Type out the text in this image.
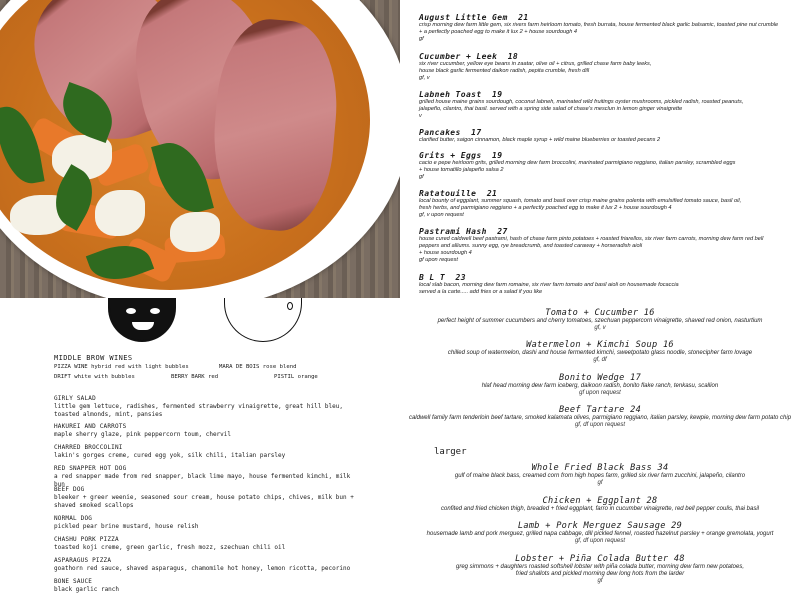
MIDDLE BROW WINES
PIZZA WINE hybrid red with light bubbles	MARA DE BOIS rose blend
DRIFT white with bubbles	BERRY BARK red	PISTIL orange
GIRLY SALAD
little gem lettuce, radishes, fermented strawberry vinaigrette, great hill bleu, toasted almonds, mint, pansies
HAKUREI AND CARROTS
maple sherry glaze, pink peppercorn toum, chervil
CHARRED BROCCOLINI
lakin's gorges creme, cured egg yok, silk chili, italian parsley
RED SNAPPER HOT DOG
a red snapper made from red snapper, black lime mayo, house fermented kimchi, milk bun
BEEF DOG
bleeker + greer weenie, seasoned sour cream, house potato chips, chives, milk bun + shaved smoked scallops
NORMAL DOG
pickled pear brine mustard, house relish
CHASHU PORK PIZZA
toasted koji creme, green garlic, fresh mozz, szechuan chili oil
ASPARAGUS PIZZA
goathorn red sauce, shaved asparagus, chamomile hot honey, lemon ricotta, pecorino
BONE SAUCE
black garlic ranch
August Little Gem 21
crisp morning dew farm little gem, six rivers farm heirloom tomato, fresh burrata, house fermented black garlic balsamic, toasted pine nut crumble
+ a perfectly poached egg to make it lux 2 + house sourdough 4
gf
Cucumber + Leek 18
six river cucumber, yellow eye beans in zaatar, olive oil + citrus, grilled chase farm baby leeks,
house black garlic fermented daikon radish, pepita crumble, fresh dill
gf, v
Labneh Toast 19
grilled house maine grains sourdough, coconut labneh, marinated wild fruitings oyster mushrooms, pickled radish, roasted peanuts,
jalapeño, cilantro, thai basil. served with a spring side salad of chase's mesclun in lemon ginger vinaigrette
v
Pancakes 17
clarified butter, saigon cinnamon, black maple syrup + wild maine blueberries or toasted pecans 2
Grits + Eggs 19
cacio e pepe heirloom grits, grilled morning dew farm broccolini, marinated parmigiano reggiano, italian parsley, scrambled eggs
+ house tomatillo jalapeño salsa 2
gf
Ratatouille 21
local bounty of eggplant, summer squash, tomato and basil over crisp maine grains polenta with emulsified tomato sauce, basil oil,
fresh herbs, and parmigiano reggiano + a perfectly poached egg to make it lux 2 + house sourdough 4
gf, v upon request
Pastrami Hash 27
house cured caldwell beef pastrami, hash of chase farm pinto potatoes + roasted friarellos, six river farm carrots, morning dew farm red bell
peppers and alliums. sunny egg, rye breadcrumb, and toasted caraway + horseradish aioli
+ house sourdough 4
gf upon request
B L T 23
local slab bacon, morning dew farm romaine, six river farm tomato and basil aioli on housemade focaccia
served a la carte..... add fries or a salad if you like
Tomato + Cucumber 16
perfect height of summer cucumbers and cherry tomatoes, szechuan peppercorn vinaigrette, shaved red onion, nasturtium
gf, v
Watermelon + Kimchi Soup 16
chilled soup of watermelon, dashi and house fermented kimchi, sweetpotato glass noodle, stonecipher farm lovage
gf, df
Bonito Wedge 17
hlaf head morning dew farm iceberg, daikoon radish, bonito flake ranch, tenkasu, scallion
gf upon request
Beef Tartare 24
caldwell family farm tenderloin beef tartare, smoked kalamata olives, parmigiano reggiano, italian parsley, kewpie, morning dew farm potato chip
gf, df upon request
larger
Whole Fried Black Bass 34
gulf of maine black bass, creamed corn from high hopes farm, grilled six river farm zucchini, jalapeño, cilantro
gf
Chicken + Eggplant 28
confited and fried chicken thigh, breaded + fried eggplant, farro in cucumber vinaigrette, red bell pepper coulis, thai basil
Lamb + Pork Merguez Sausage 29
housemade lamb and pork merguez, grilled napa cabbage, dill pickled fennel, roasted hazelnut parsley + orange gremolata, yogurt
gf, df upon request
Lobster + Piña Colada Butter 48
greg simmons + daughters roasted softshell lobster with piña colada butter, morning dew farm new potatoes,
fried shallots and pickled morning dew long hots from the larder
gf
